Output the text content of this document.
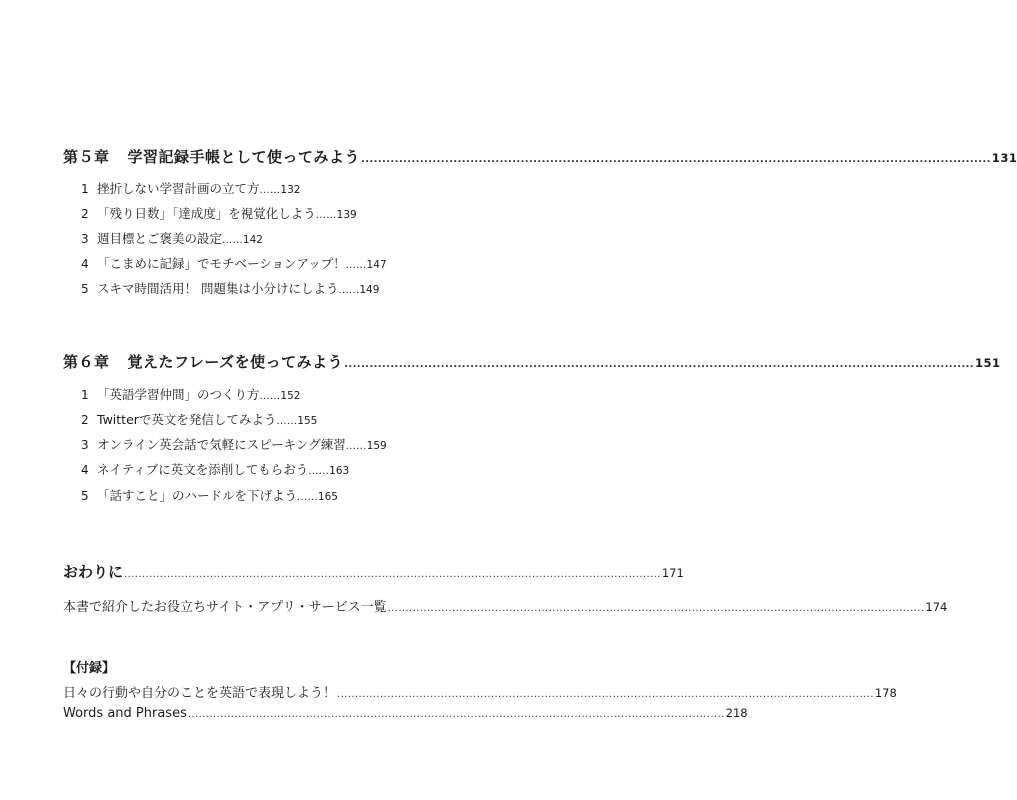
第５章 学習記録手帳として使ってみよう ...................................................................................................................................................... 131
1 挫折しない学習計画の立て方......132
2 「残り日数」「達成度」を視覚化しよう......139
3 週目標とご褒美の設定......142
4 「こまめに記録」でモチベーションアップ！......147
5 スキマ時間活用！ 問題集は小分けにしよう......149
第６章 覚えたフレーズを使ってみよう ...................................................................................................................................................... 151
1 「英語学習仲間」のつくり方......152
2 Twitterで英文を発信してみよう......155
3 オンライン英会話で気軽にスピーキング練習......159
4 ネイティブに英文を添削してもらおう......163
5 「話すこと」のハードルを下げよう......165
おわりに ...................................................................................................................................................... 171
本書で紹介したお役立ちサイト・アプリ・サービス一覧 ...................................................................................................................................................... 174
【付録】
日々の行動や自分のことを英語で表現しよう！ ...................................................................................................................................................... 178
Words and Phrases ...................................................................................................................................................... 218
